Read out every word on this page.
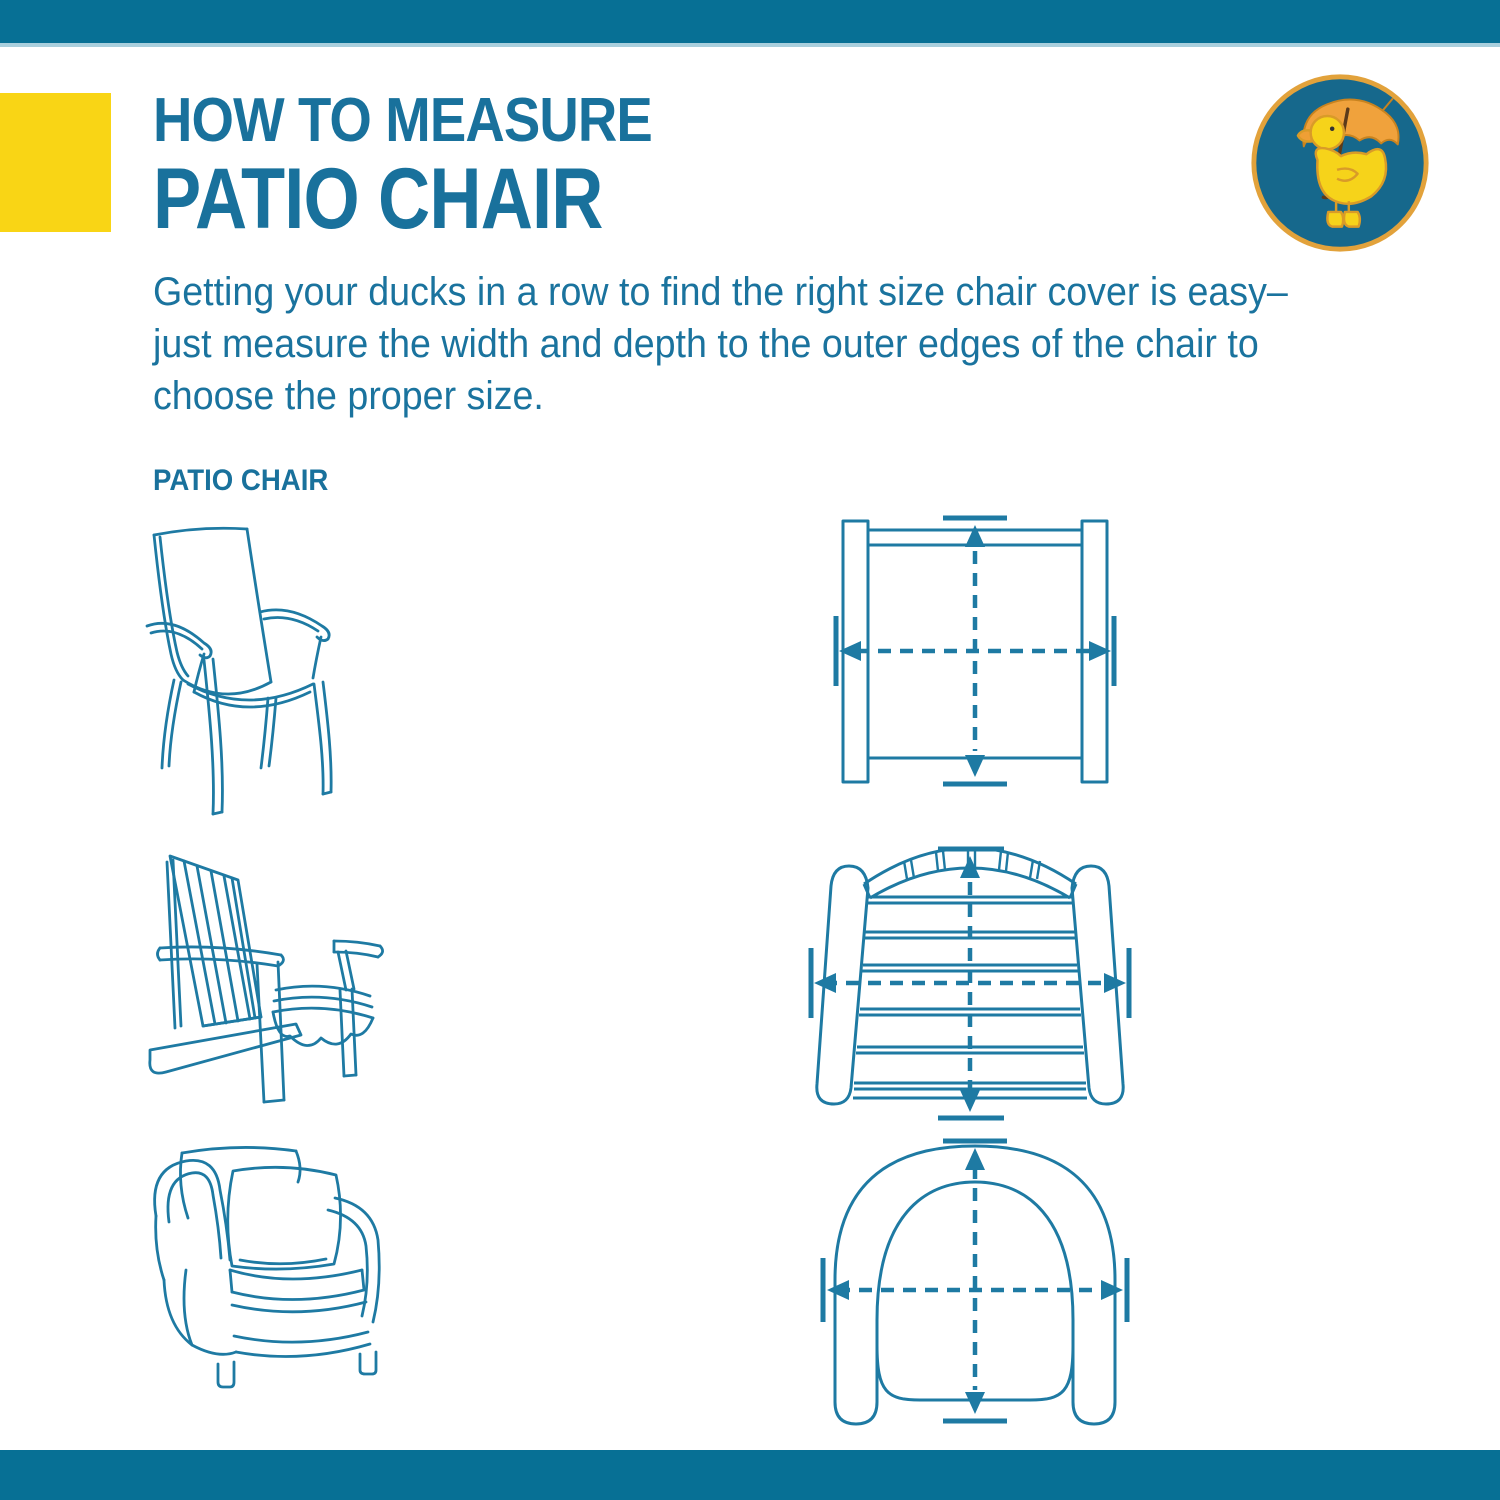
HOW TO MEASURE
PATIO CHAIR
Getting your ducks in a row to find the right size chair cover is easy–
just measure the width and depth to the outer edges of the chair to
choose the proper size.
PATIO CHAIR
